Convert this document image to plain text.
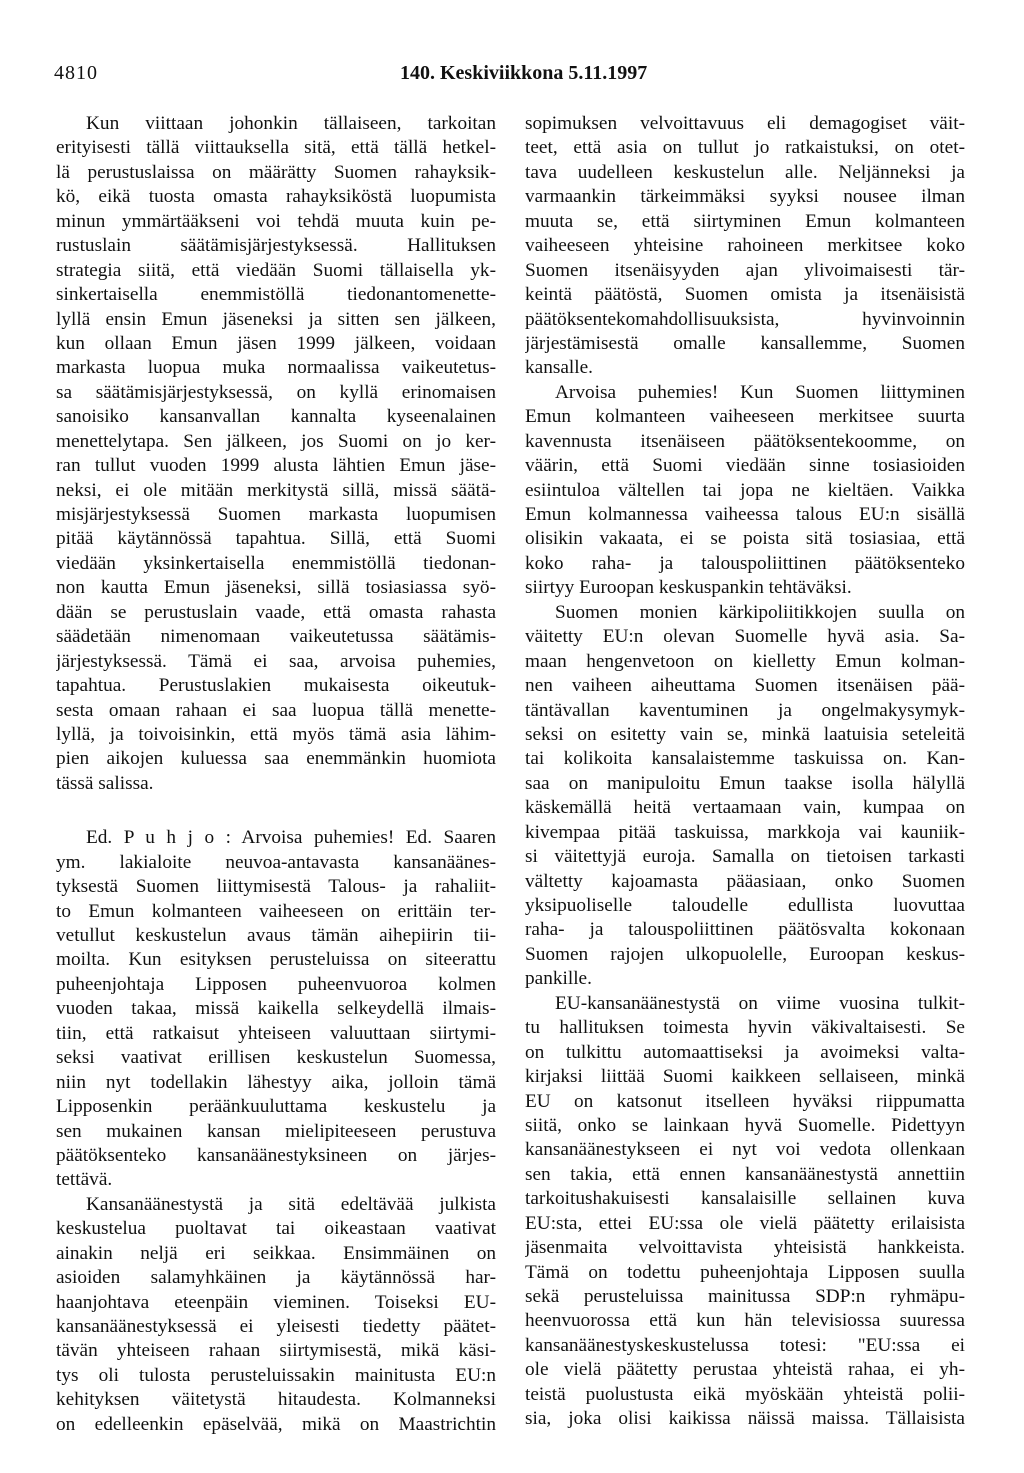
4810	140. Keskiviikkona 5.11.1997
Kun viittaan johonkin tällaiseen, tarkoitan
erityisesti tällä viittauksella sitä, että tällä hetkel-
lä perustuslaissa on määrätty Suomen rahayksik-
kö, eikä tuosta omasta rahayksiköstä luopumista
minun ymmärtääkseni voi tehdä muuta kuin pe-
rustuslain säätämisjärjestyksessä. Hallituksen
strategia siitä, että viedään Suomi tällaisella yk-
sinkertaisella enemmistöllä tiedonantomenette-
lyllä ensin Emun jäseneksi ja sitten sen jälkeen,
kun ollaan Emun jäsen 1999 jälkeen, voidaan
markasta luopua muka normaalissa vaikeutetus-
sa säätämisjärjestyksessä, on kyllä erinomaisen
sanoisiko kansanvallan kannalta kyseenalainen
menettelytapa. Sen jälkeen, jos Suomi on jo ker-
ran tullut vuoden 1999 alusta lähtien Emun jäse-
neksi, ei ole mitään merkitystä sillä, missä säätä-
misjärjestyksessä Suomen markasta luopumisen
pitää käytännössä tapahtua. Sillä, että Suomi
viedään yksinkertaisella enemmistöllä tiedonan-
non kautta Emun jäseneksi, sillä tosiasiassa syö-
dään se perustuslain vaade, että omasta rahasta
säädetään nimenomaan vaikeutetussa säätämis-
järjestyksessä. Tämä ei saa, arvoisa puhemies,
tapahtua. Perustuslakien mukaisesta oikeutuk-
sesta omaan rahaan ei saa luopua tällä menette-
lyllä, ja toivoisinkin, että myös tämä asia lähim-
pien aikojen kuluessa saa enemmänkin huomiota
tässä salissa.
Ed. P u h j o : Arvoisa puhemies! Ed. Saaren
ym. lakialoite neuvoa-antavasta kansanäänes-
tyksestä Suomen liittymisestä Talous- ja rahaliit-
to Emun kolmanteen vaiheeseen on erittäin ter-
vetullut keskustelun avaus tämän aihepiirin tii-
moilta. Kun esityksen perusteluissa on siteerattu
puheenjohtaja Lipposen puheenvuoroa kolmen
vuoden takaa, missä kaikella selkeydellä ilmais-
tiin, että ratkaisut yhteiseen valuuttaan siirtymi-
seksi vaativat erillisen keskustelun Suomessa,
niin nyt todellakin lähestyy aika, jolloin tämä
Lipposenkin peräänkuuluttama keskustelu ja
sen mukainen kansan mielipiteeseen perustuva
päätöksenteko kansanäänestyksineen on järjes-
tettävä.
Kansanäänestystä ja sitä edeltävää julkista
keskustelua puoltavat tai oikeastaan vaativat
ainakin neljä eri seikkaa. Ensimmäinen on
asioiden salamyhkäinen ja käytännössä har-
haanjohtava eteenpäin vieminen. Toiseksi EU-
kansanäänestyksessä ei yleisesti tiedetty päätet-
tävän yhteiseen rahaan siirtymisestä, mikä käsi-
tys oli tulosta perusteluissakin mainitusta EU:n
kehityksen väitetystä hitaudesta. Kolmanneksi
on edelleenkin epäselvää, mikä on Maastrichtin
sopimuksen velvoittavuus eli demagogiset väit-
teet, että asia on tullut jo ratkaistuksi, on otet-
tava uudelleen keskustelun alle. Neljänneksi ja
varmaankin tärkeimmäksi syyksi nousee ilman
muuta se, että siirtyminen Emun kolmanteen
vaiheeseen yhteisine rahoineen merkitsee koko
Suomen itsenäisyyden ajan ylivoimaisesti tär-
keintä päätöstä, Suomen omista ja itsenäisistä
päätöksentekomahdollisuuksista, hyvinvoinnin
järjestämisestä omalle kansallemme, Suomen
kansalle.
Arvoisa puhemies! Kun Suomen liittyminen
Emun kolmanteen vaiheeseen merkitsee suurta
kavennusta itsenäiseen päätöksentekoomme, on
väärin, että Suomi viedään sinne tosiasioiden
esiintuloa vältellen tai jopa ne kieltäen. Vaikka
Emun kolmannessa vaiheessa talous EU:n sisällä
olisikin vakaata, ei se poista sitä tosiasiaa, että
koko raha- ja talouspoliittinen päätöksenteko
siirtyy Euroopan keskuspankin tehtäväksi.
Suomen monien kärkipoliitikkojen suulla on
väitetty EU:n olevan Suomelle hyvä asia. Sa-
maan hengenvetoon on kielletty Emun kolman-
nen vaiheen aiheuttama Suomen itsenäisen pää-
täntävallan kaventuminen ja ongelmakysymyk-
seksi on esitetty vain se, minkä laatuisia seteleitä
tai kolikoita kansalaistemme taskuissa on. Kan-
saa on manipuloitu Emun taakse isolla hälyllä
käskemällä heitä vertaamaan vain, kumpaa on
kivempaa pitää taskuissa, markkoja vai kauniik-
si väitettyjä euroja. Samalla on tietoisen tarkasti
vältetty kajoamasta pääasiaan, onko Suomen
yksipuoliselle taloudelle edullista luovuttaa
raha- ja talouspoliittinen päätösvalta kokonaan
Suomen rajojen ulkopuolelle, Euroopan keskus-
pankille.
EU-kansanäänestystä on viime vuosina tulkit-
tu hallituksen toimesta hyvin väkivaltaisesti. Se
on tulkittu automaattiseksi ja avoimeksi valta-
kirjaksi liittää Suomi kaikkeen sellaiseen, minkä
EU on katsonut itselleen hyväksi riippumatta
siitä, onko se lainkaan hyvä Suomelle. Pidettyyn
kansanäänestykseen ei nyt voi vedota ollenkaan
sen takia, että ennen kansanäänestystä annettiin
tarkoitushakuisesti kansalaisille sellainen kuva
EU:sta, ettei EU:ssa ole vielä päätetty erilaisista
jäsenmaita velvoittavista yhteisistä hankkeista.
Tämä on todettu puheenjohtaja Lipposen suulla
sekä perusteluissa mainitussa SDP:n ryhmäpu-
heenvuorossa että kun hän televisiossa suuressa
kansanäänestyskeskustelussa totesi: "EU:ssa ei
ole vielä päätetty perustaa yhteistä rahaa, ei yh-
teistä puolustusta eikä myöskään yhteistä polii-
sia, joka olisi kaikissa näissä maissa. Tällaisista
